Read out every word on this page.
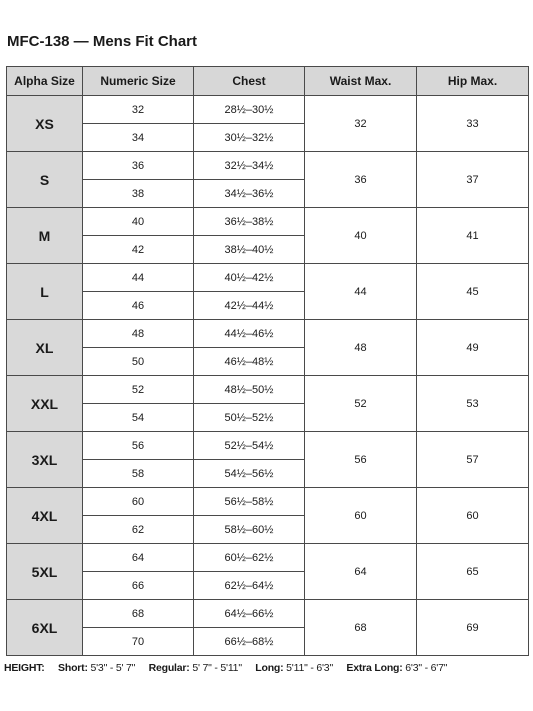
MFC-138 — Mens Fit Chart
Alpha Size	Numeric Size	Chest	Waist Max.	Hip Max.
XS	32	28½–30½	32	33
	34	30½–32½		
S	36	32½–34½	36	37
	38	34½–36½		
M	40	36½–38½	40	41
	42	38½–40½		
L	44	40½–42½	44	45
	46	42½–44½		
XL	48	44½–46½	48	49
	50	46½–48½		
XXL	52	48½–50½	52	53
	54	50½–52½		
3XL	56	52½–54½	56	57
	58	54½–56½		
4XL	60	56½–58½	60	60
	62	58½–60½		
5XL	64	60½–62½	64	65
	66	62½–64½		
6XL	68	64½–66½	68	69
	70	66½–68½		
HEIGHT: Short: 5'3" - 5' 7" Regular: 5' 7" - 5'11" Long: 5'11" - 6'3" Extra Long: 6'3" - 6'7"
